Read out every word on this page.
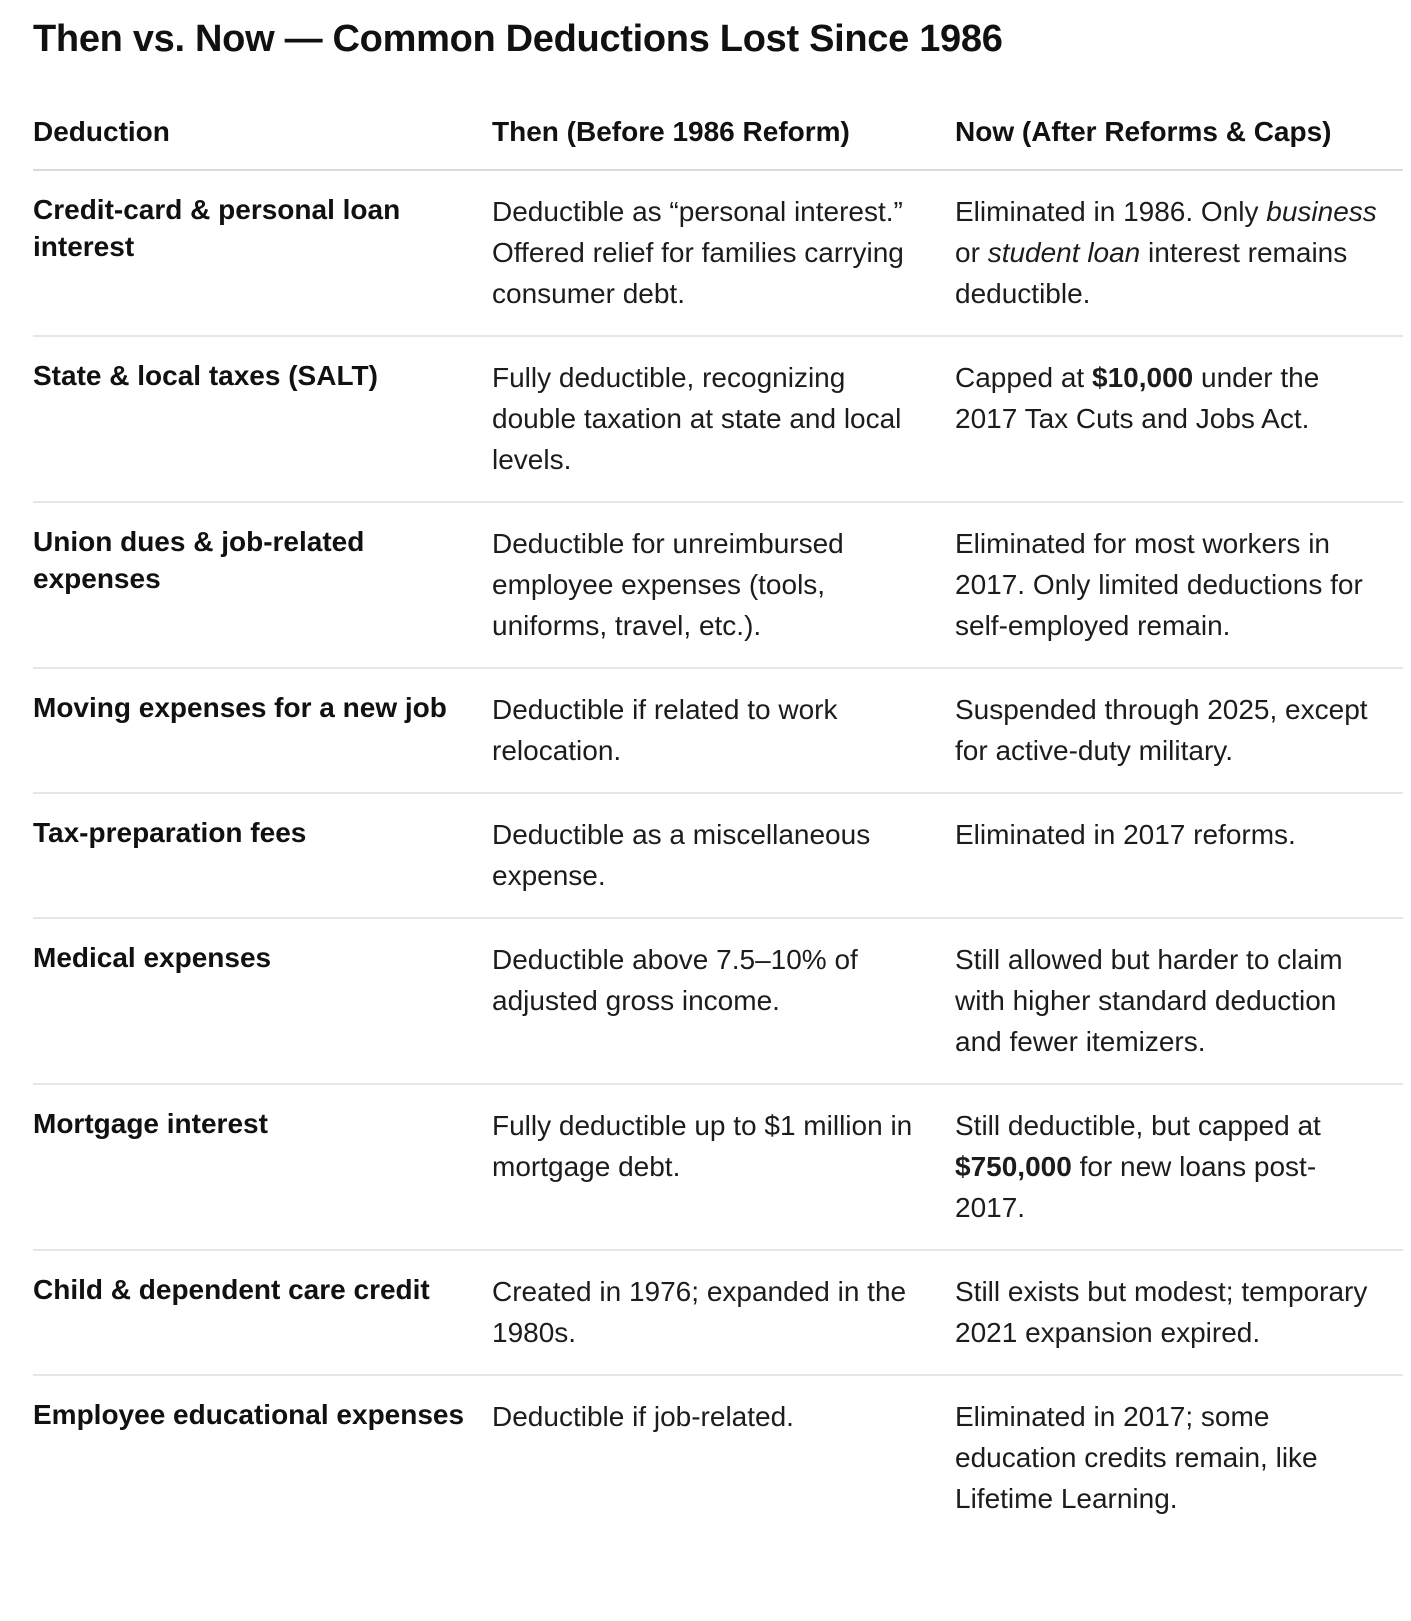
Then vs. Now — Common Deductions Lost Since 1986
Deduction	Then (Before 1986 Reform)	Now (After Reforms & Caps)
Credit-card & personal loan interest	Deductible as “personal interest.” Offered relief for families carrying consumer debt.	Eliminated in 1986. Only business or student loan interest remains deductible.
State & local taxes (SALT)	Fully deductible, recognizing double taxation at state and local levels.	Capped at $10,000 under the 2017 Tax Cuts and Jobs Act.
Union dues & job-related expenses	Deductible for unreimbursed employee expenses (tools, uniforms, travel, etc.).	Eliminated for most workers in 2017. Only limited deductions for self-employed remain.
Moving expenses for a new job	Deductible if related to work relocation.	Suspended through 2025, except for active-duty military.
Tax-preparation fees	Deductible as a miscellaneous expense.	Eliminated in 2017 reforms.
Medical expenses	Deductible above 7.5–10% of adjusted gross income.	Still allowed but harder to claim with higher standard deduction and fewer itemizers.
Mortgage interest	Fully deductible up to $1 million in mortgage debt.	Still deductible, but capped at $750,000 for new loans post-2017.
Child & dependent care credit	Created in 1976; expanded in the 1980s.	Still exists but modest; temporary 2021 expansion expired.
Employee educational expenses	Deductible if job-related.	Eliminated in 2017; some education credits remain, like Lifetime Learning.
